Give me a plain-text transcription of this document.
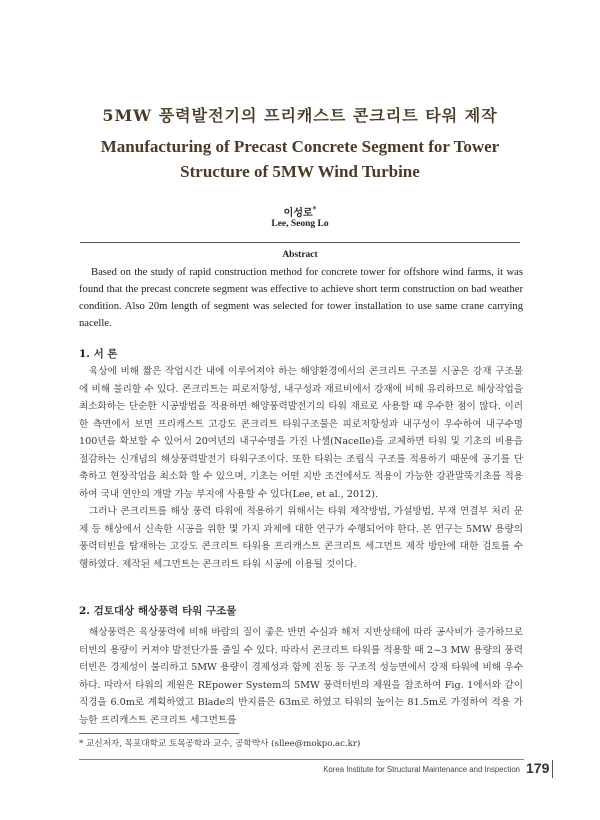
5MW 풍력발전기의 프리캐스트 콘크리트 타워 제작
Manufacturing of Precast Concrete Segment for Tower
Structure of 5MW Wind Turbine
이성로*
Lee, Seong Lo
Abstract
Based on the study of rapid construction method for concrete tower for offshore wind farms, it was found that the precast concrete segment was effective to achieve short term construction on bad weather condition. Also 20m length of segment was selected for tower installation to use same crane carrying nacelle.
1. 서 론

육상에 비해 짧은 작업시간 내에 이루어져야 하는 해양환경에서의 콘크리트 구조물 시공은 강재 구조물에 비해 불리할 수 있다. 콘크리트는 피로저항성, 내구성과 재료비에서 강재에 비해 유리하므로 해상작업을 최소화하는 단순한 시공방법을 적용하면 해양풍력발전기의 타워 재료로 사용할 때 우수한 점이 많다. 이러한 측면에서 보면 프리캐스트 고강도 콘크리트 타워구조물은 피로저항성과 내구성이 우수하여 내구수명 100년을 확보할 수 있어서 20여년의 내구수명을 가진 나셀(Nacelle)을 교체하면 타워 및 기초의 비용을 절감하는 신개념의 해상풍력발전기 타워구조이다. 또한 타워는 조립식 구조를 적용하기 때문에 공기를 단축하고 현장작업을 최소화 할 수 있으며, 기초는 어떤 지반 조건에서도 적용이 가능한 강관말뚝기초를 적용하여 국내 연안의 개발 가능 부지에 사용할 수 있다(Lee, et al., 2012).

그러나 콘크리트를 해상 풍력 타워에 적용하기 위해서는 타워 제작방법, 가설방법, 부재 연결부 처리 문제 등 해상에서 신속한 시공을 위한 몇 가지 과제에 대한 연구가 수행되어야 한다. 본 연구는 5MW 용량의 풍력터빈을 탑재하는 고강도 콘크리트 타워용 프리캐스트 콘크리트 세그먼트 제작 방안에 대한 검토를 수행하였다. 제작된 세그먼트는 콘크리트 타워 시공에 이용될 것이다.

2. 검토대상 해상풍력 타워 구조물

해상풍력은 육상풍력에 비해 바람의 질이 좋은 반면 수심과 해저 지반상태에 따라 공사비가 증가하므로 터빈의 용량이 커져야 발전단가를 줄일 수 있다. 따라서 콘크리트 타워를 적용할 때 2~3 MW 용량의 풍력터빈은 경제성이 불리하고 5MW 용량이 경제성과 함께 진동 등 구조적 성능면에서 강재 타워에 비해 우수하다. 따라서 타워의 제원은 REpower System의 5MW 풍력터빈의 제원을 참조하여 Fig. 1에서와 같이 직경을 6.0m로 계획하였고 Blade의 반지름은 63m로 하였고 타워의 높이는 81.5m로 가정하여 적용 가능한 프리캐스트 콘크리트 세그먼트를

* 교신저자, 목포대학교 토목공학과 교수, 공학박사 (sllee@mokpo.ac.kr)
Korea Institute for Structural Maintenance and Inspection 179
